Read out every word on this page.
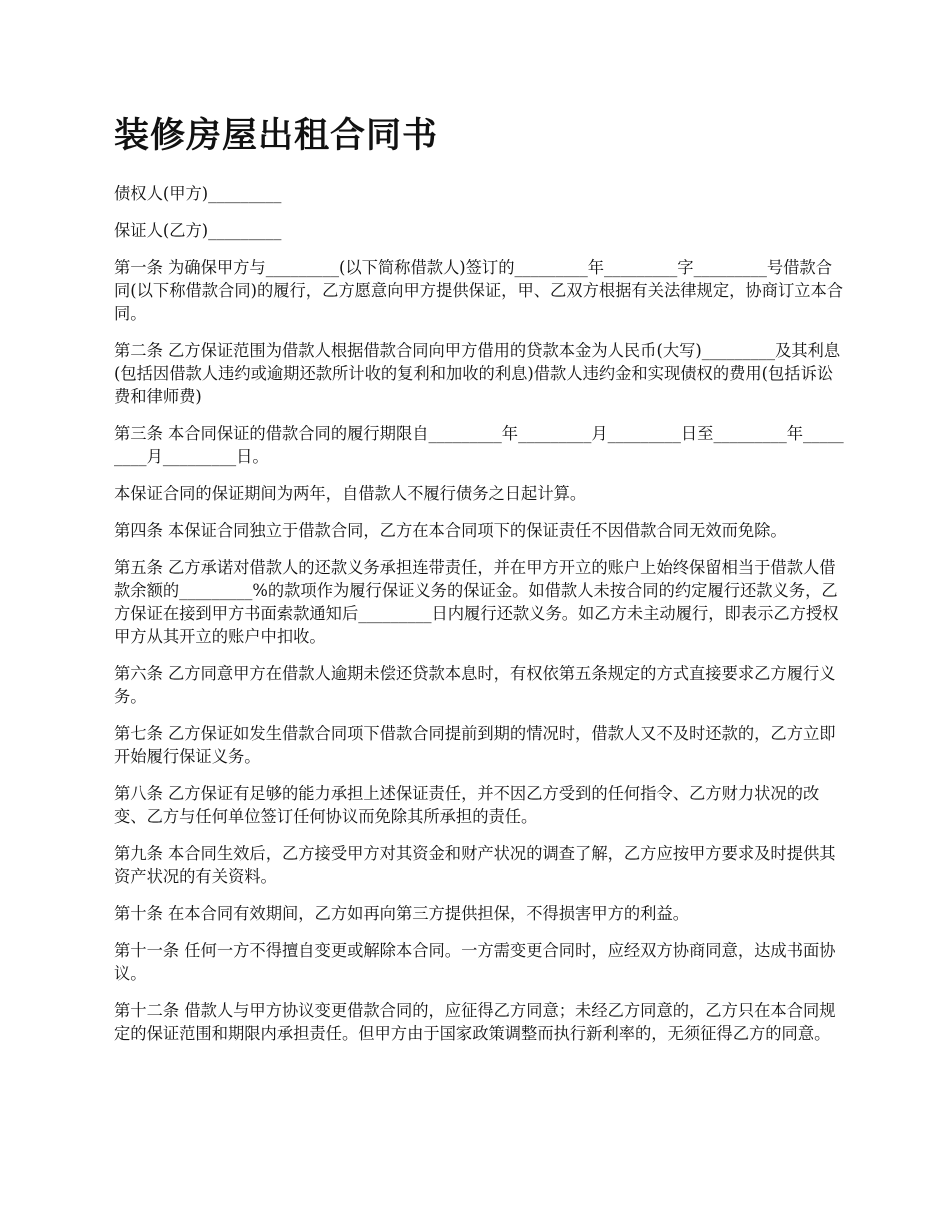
装修房屋出租合同书

债权人(甲方)_________

保证人(乙方)_________

第一条 为确保甲方与_________(以下简称借款人)签订的_________年_________字_________号借款合同(以下称借款合同)的履行，乙方愿意向甲方提供保证，甲、乙双方根据有关法律规定，协商订立本合同。

第二条 乙方保证范围为借款人根据借款合同向甲方借用的贷款本金为人民币(大写)_________及其利息(包括因借款人违约或逾期还款所计收的复利和加收的利息)借款人违约金和实现债权的费用(包括诉讼费和律师费)

第三条 本合同保证的借款合同的履行期限自_________年_________月_________日至_________年_________月_________日。

本保证合同的保证期间为两年，自借款人不履行债务之日起计算。

第四条 本保证合同独立于借款合同，乙方在本合同项下的保证责任不因借款合同无效而免除。

第五条 乙方承诺对借款人的还款义务承担连带责任，并在甲方开立的账户上始终保留相当于借款人借款余额的_________%的款项作为履行保证义务的保证金。如借款人未按合同的约定履行还款义务，乙方保证在接到甲方书面索款通知后_________日内履行还款义务。如乙方未主动履行，即表示乙方授权甲方从其开立的账户中扣收。

第六条 乙方同意甲方在借款人逾期未偿还贷款本息时，有权依第五条规定的方式直接要求乙方履行义务。

第七条 乙方保证如发生借款合同项下借款合同提前到期的情况时，借款人又不及时还款的，乙方立即开始履行保证义务。

第八条 乙方保证有足够的能力承担上述保证责任，并不因乙方受到的任何指令、乙方财力状况的改变、乙方与任何单位签订任何协议而免除其所承担的责任。

第九条 本合同生效后，乙方接受甲方对其资金和财产状况的调查了解，乙方应按甲方要求及时提供其资产状况的有关资料。

第十条 在本合同有效期间，乙方如再向第三方提供担保，不得损害甲方的利益。

第十一条 任何一方不得擅自变更或解除本合同。一方需变更合同时，应经双方协商同意，达成书面协议。

第十二条 借款人与甲方协议变更借款合同的，应征得乙方同意；未经乙方同意的，乙方只在本合同规定的保证范围和期限内承担责任。但甲方由于国家政策调整而执行新利率的，无须征得乙方的同意。
